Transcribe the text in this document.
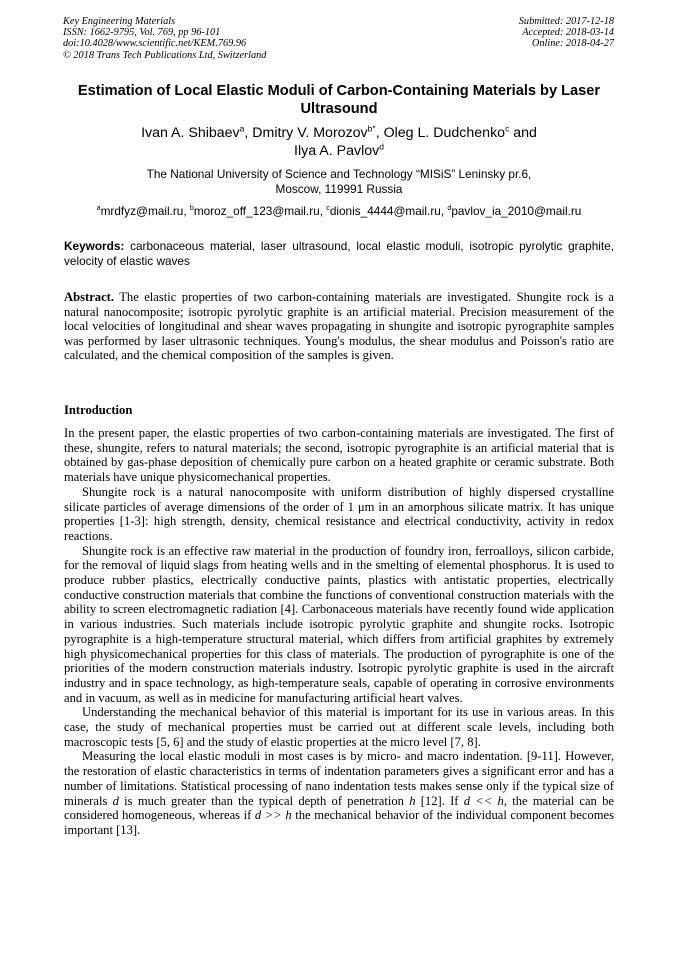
Key Engineering Materials
ISSN: 1662-9795, Vol. 769, pp 96-101
doi:10.4028/www.scientific.net/KEM.769.96
© 2018 Trans Tech Publications Ltd, Switzerland
Submitted: 2017-12-18
Accepted: 2018-03-14
Online: 2018-04-27
Estimation of Local Elastic Moduli of Carbon-Containing Materials by Laser Ultrasound
Ivan A. Shibaev$^a$, Dmitry V. Morozov$^{b*}$, Oleg L. Dudchenko$^c$ and
Ilya A. Pavlov$^d$
The National University of Science and Technology “MISiS” Leninsky pr.6,
Moscow, 119991 Russia
$^a$mrdfyz@mail.ru, $^b$moroz_off_123@mail.ru, $^c$dionis_4444@mail.ru, $^d$pavlov_ia_2010@mail.ru
Keywords: carbonaceous material, laser ultrasound, local elastic moduli, isotropic pyrolytic graphite, velocity of elastic waves
Abstract. The elastic properties of two carbon-containing materials are investigated. Shungite rock is a natural nanocomposite; isotropic pyrolytic graphite is an artificial material. Precision measurement of the local velocities of longitudinal and shear waves propagating in shungite and isotropic pyrographite samples was performed by laser ultrasonic techniques. Young's modulus, the shear modulus and Poisson's ratio are calculated, and the chemical composition of the samples is given.
Introduction

In the present paper, the elastic properties of two carbon-containing materials are investigated. The first of these, shungite, refers to natural materials; the second, isotropic pyrographite is an artificial material that is obtained by gas-phase deposition of chemically pure carbon on a heated graphite or ceramic substrate. Both materials have unique physicomechanical properties.

Shungite rock is a natural nanocomposite with uniform distribution of highly dispersed crystalline silicate particles of average dimensions of the order of 1 μm in an amorphous silicate matrix. It has unique properties [1-3]: high strength, density, chemical resistance and electrical conductivity, activity in redox reactions.

Shungite rock is an effective raw material in the production of foundry iron, ferroalloys, silicon carbide, for the removal of liquid slags from heating wells and in the smelting of elemental phosphorus. It is used to produce rubber plastics, electrically conductive paints, plastics with antistatic properties, electrically conductive construction materials that combine the functions of conventional construction materials with the ability to screen electromagnetic radiation [4]. Carbonaceous materials have recently found wide application in various industries. Such materials include isotropic pyrolytic graphite and shungite rocks. Isotropic pyrographite is a high-temperature structural material, which differs from artificial graphites by extremely high physicomechanical properties for this class of materials. The production of pyrographite is one of the priorities of the modern construction materials industry. Isotropic pyrolytic graphite is used in the aircraft industry and in space technology, as high-temperature seals, capable of operating in corrosive environments and in vacuum, as well as in medicine for manufacturing artificial heart valves.

Understanding the mechanical behavior of this material is important for its use in various areas. In this case, the study of mechanical properties must be carried out at different scale levels, including both macroscopic tests [5, 6] and the study of elastic properties at the micro level [7, 8].

Measuring the local elastic moduli in most cases is by micro- and macro indentation. [9-11]. However, the restoration of elastic characteristics in terms of indentation parameters gives a significant error and has a number of limitations. Statistical processing of nano indentation tests makes sense only if the typical size of minerals d is much greater than the typical depth of penetration h [12]. If d << h, the material can be considered homogeneous, whereas if d >> h the mechanical behavior of the individual component becomes important [13].
